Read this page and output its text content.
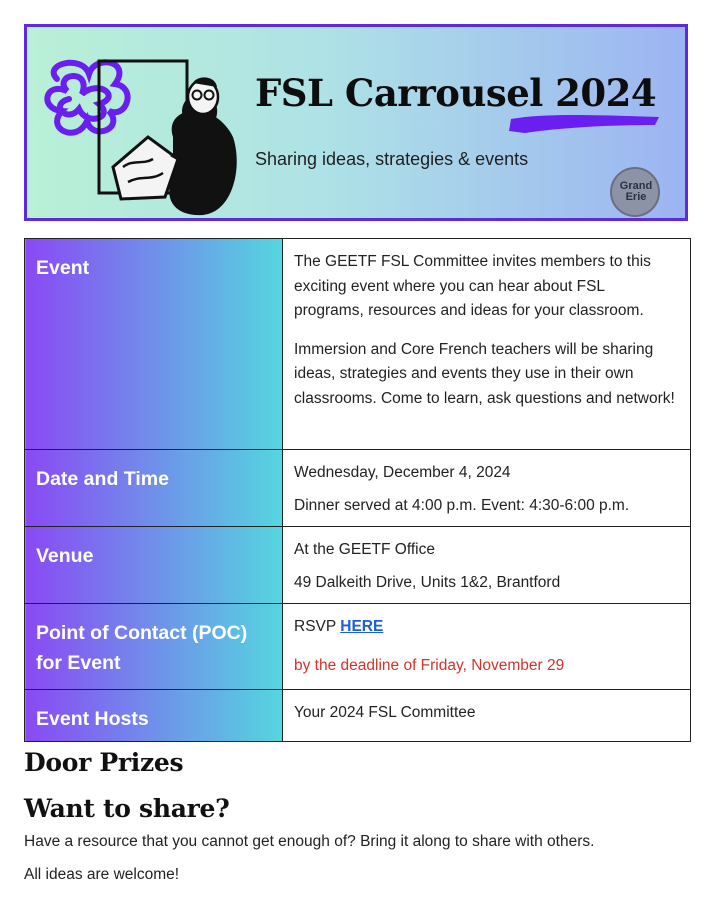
FSL Carrousel 2024
Sharing ideas, strategies & events
Grand
Erie
Event	The GEETF FSL Committee invites members to this exciting event where you can hear about FSL programs, resources and ideas for your classroom.

Immersion and Core French teachers will be sharing ideas, strategies and events they use in their own classrooms. Come to learn, ask questions and network!

Date and Time	Wednesday, December 4, 2024

Dinner served at 4:00 p.m. Event: 4:30-6:00 p.m.

Venue	At the GEETF Office

49 Dalkeith Drive, Units 1&2, Brantford

Point of Contact (POC) for Event	RSVP HERE

by the deadline of Friday, November 29

Event Hosts	Your 2024 FSL Committee

Door Prizes
Want to share?
Have a resource that you cannot get enough of? Bring it along to share with others.
All ideas are welcome!
